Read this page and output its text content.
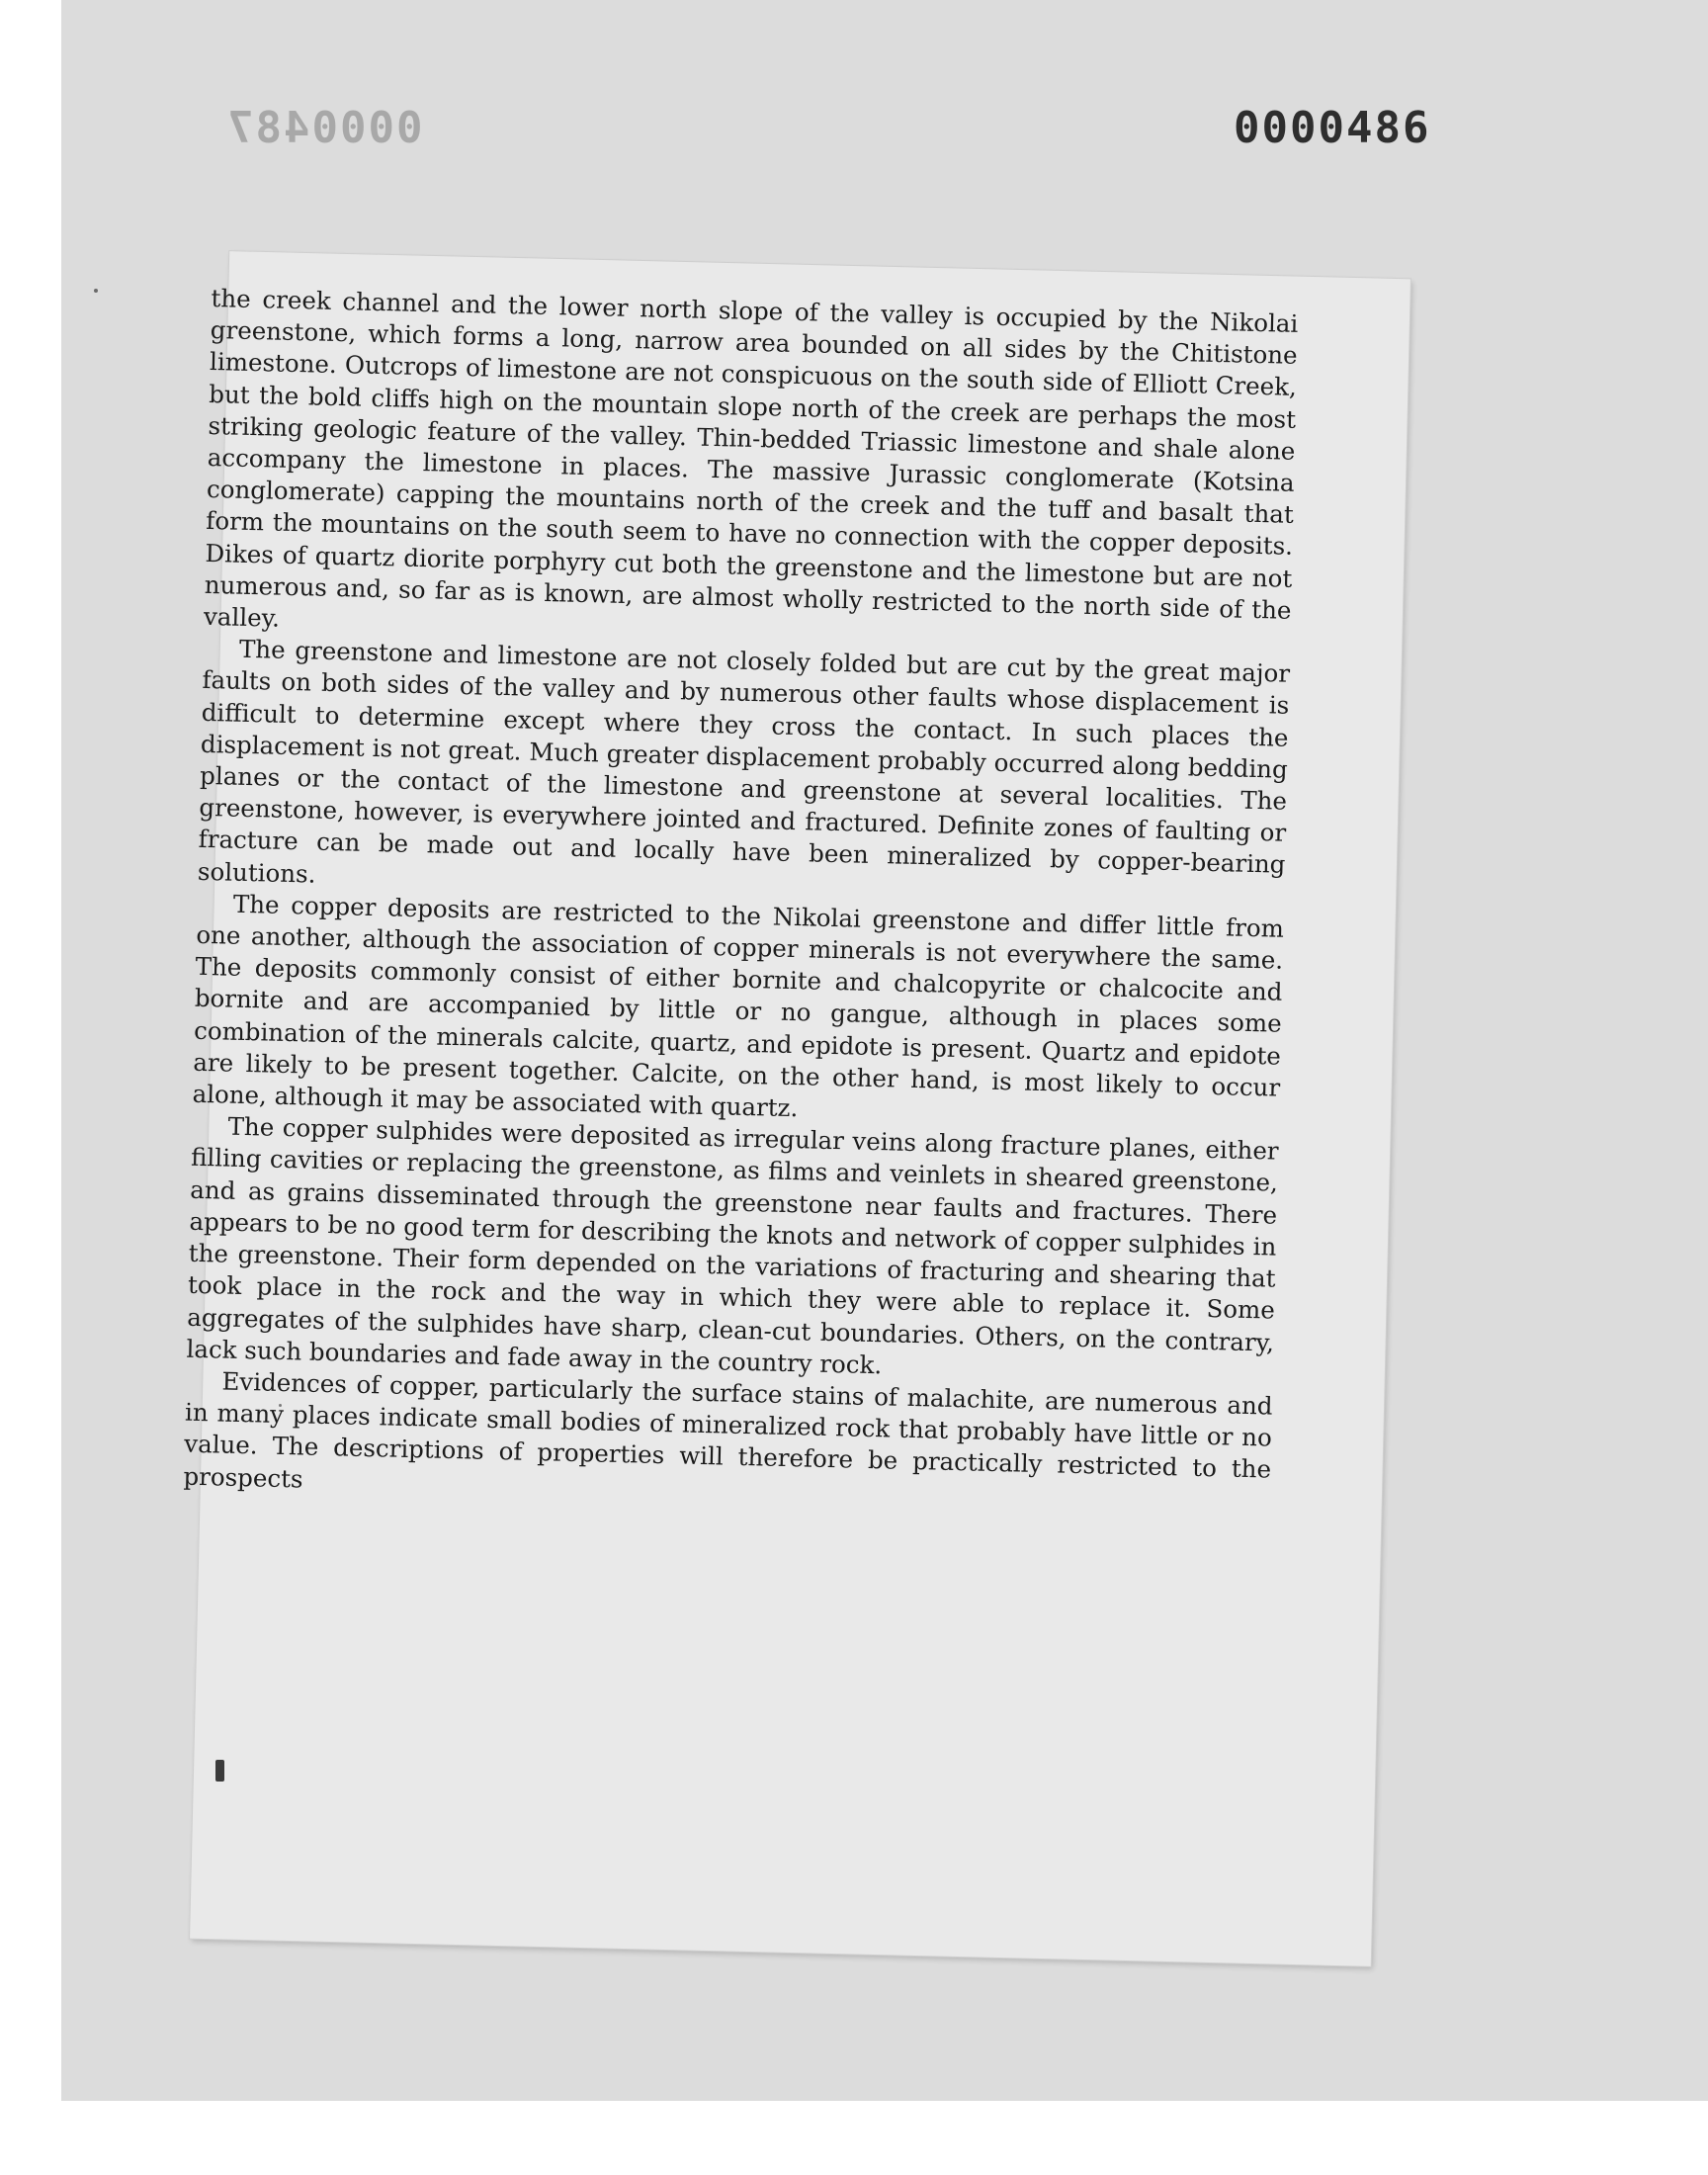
0000487	0000486

the creek channel and the lower north slope of the valley is occupied by the Nikolai greenstone, which forms a long, narrow area bounded on all sides by the Chitistone limestone. Outcrops of limestone are not conspicuous on the south side of Elliott Creek, but the bold cliffs high on the mountain slope north of the creek are perhaps the most striking geologic feature of the valley. Thin-bedded Triassic limestone and shale alone accompany the limestone in places. The massive Jurassic conglomerate (Kotsina conglomerate) capping the mountains north of the creek and the tuff and basalt that form the mountains on the south seem to have no connection with the copper deposits. Dikes of quartz diorite porphyry cut both the greenstone and the limestone but are not numerous and, so far as is known, are almost wholly restricted to the north side of the valley.

The greenstone and limestone are not closely folded but are cut by the great major faults on both sides of the valley and by numerous other faults whose displacement is difficult to determine except where they cross the contact. In such places the displacement is not great. Much greater displacement probably occurred along bedding planes or the contact of the limestone and greenstone at several localities. The greenstone, however, is everywhere jointed and fractured. Definite zones of faulting or fracture can be made out and locally have been mineralized by copper-bearing solutions.

The copper deposits are restricted to the Nikolai greenstone and differ little from one another, although the association of copper minerals is not everywhere the same. The deposits commonly consist of either bornite and chalcopyrite or chalcocite and bornite and are accompanied by little or no gangue, although in places some combination of the minerals calcite, quartz, and epidote is present. Quartz and epidote are likely to be present together. Calcite, on the other hand, is most likely to occur alone, although it may be associated with quartz.

The copper sulphides were deposited as irregular veins along fracture planes, either filling cavities or replacing the greenstone, as films and veinlets in sheared greenstone, and as grains disseminated through the greenstone near faults and fractures. There appears to be no good term for describing the knots and network of copper sulphides in the greenstone. Their form depended on the variations of fracturing and shearing that took place in the rock and the way in which they were able to replace it. Some aggregates of the sulphides have sharp, clean-cut boundaries. Others, on the contrary, lack such boundaries and fade away in the country rock.

Evidences of copper, particularly the surface stains of malachite, are numerous and in many places indicate small bodies of mineralized rock that probably have little or no value. The descriptions of properties will therefore be practically restricted to the prospects
